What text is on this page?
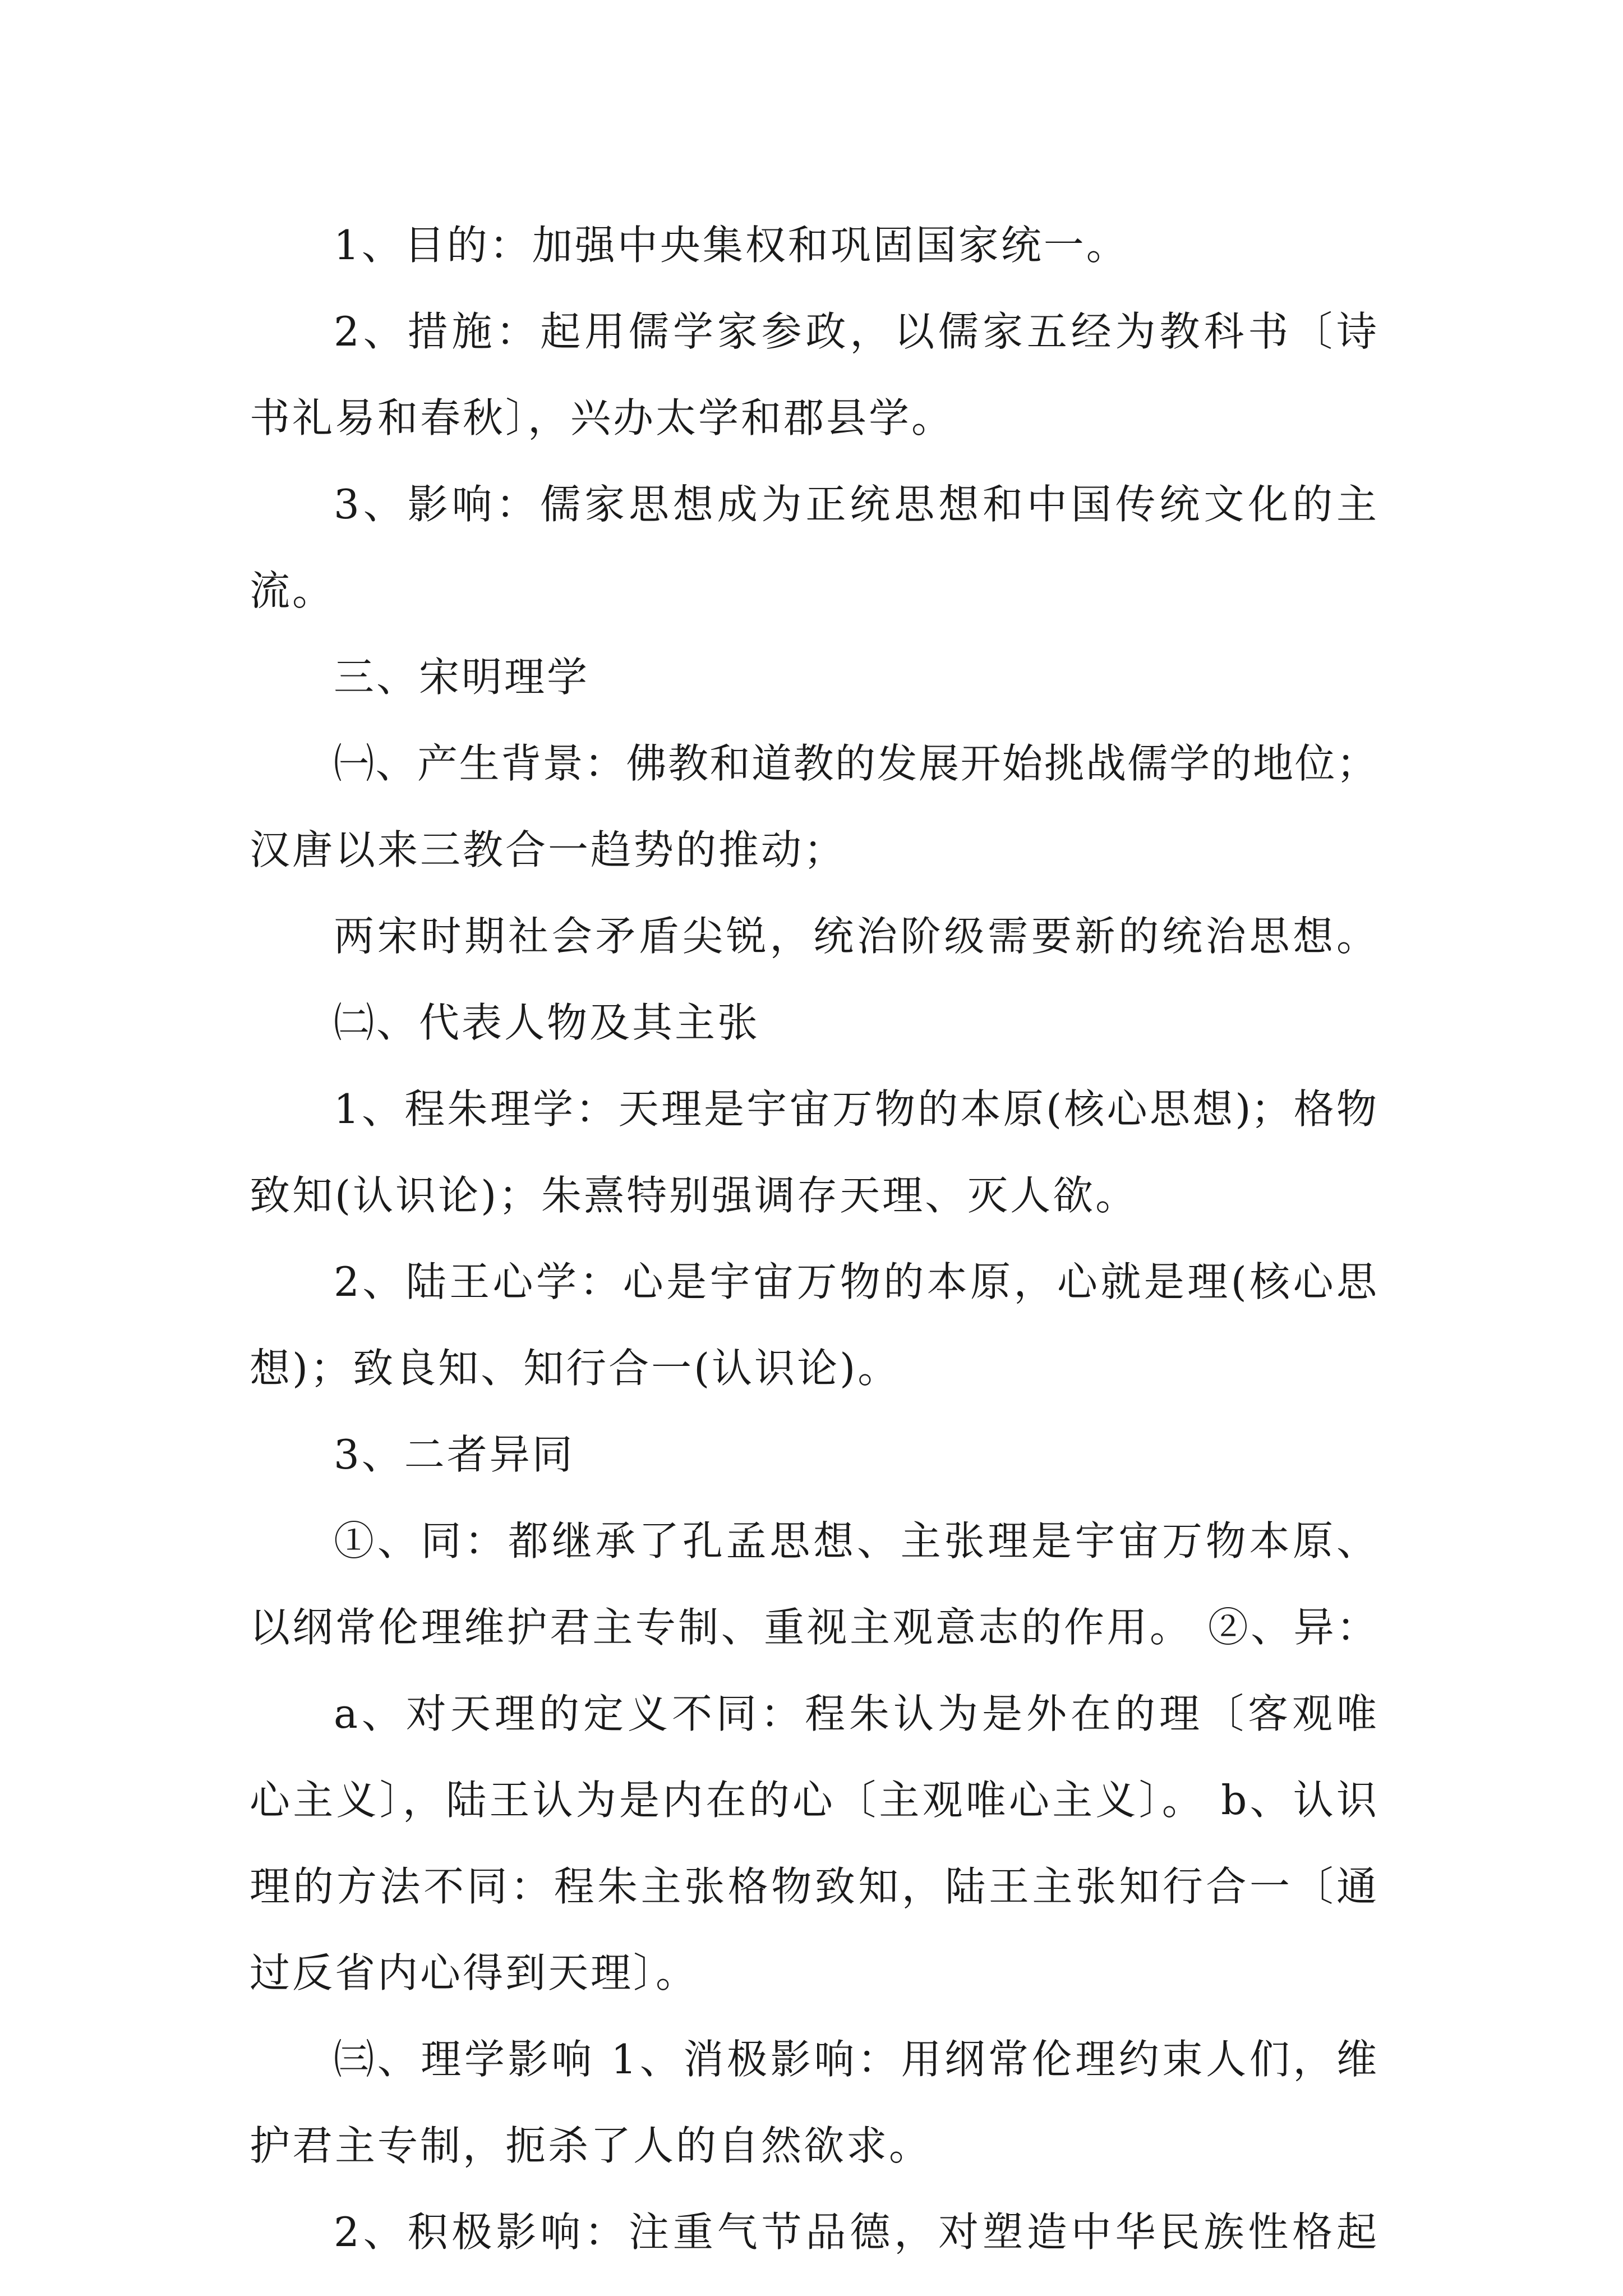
1、目的：加强中央集权和巩固国家统一。
2、措施：起用儒学家参政，以儒家五经为教科书〔诗
书礼易和春秋〕，兴办太学和郡县学。
3、影响：儒家思想成为正统思想和中国传统文化的主
流。
三、宋明理学
㈠、产生背景：佛教和道教的发展开始挑战儒学的地位；
汉唐以来三教合一趋势的推动；
两宋时期社会矛盾尖锐，统治阶级需要新的统治思想。
㈡、代表人物及其主张
1、程朱理学：天理是宇宙万物的本原(核心思想)；格物
致知(认识论)；朱熹特别强调存天理、灭人欲。
2、陆王心学：心是宇宙万物的本原，心就是理(核心思
想)；致良知、知行合一(认识论)。
3、二者异同
①、同：都继承了孔孟思想、主张理是宇宙万物本原、
以纲常伦理维护君主专制、重视主观意志的作用。 ②、异：
a、对天理的定义不同：程朱认为是外在的理〔客观唯
心主义〕，陆王认为是内在的心〔主观唯心主义〕。 b、认识
理的方法不同：程朱主张格物致知，陆王主张知行合一〔通
过反省内心得到天理〕。
㈢、理学影响 1、消极影响：用纲常伦理约束人们，维
护君主专制，扼杀了人的自然欲求。
2、积极影响：注重气节品德，对塑造中华民族性格起
